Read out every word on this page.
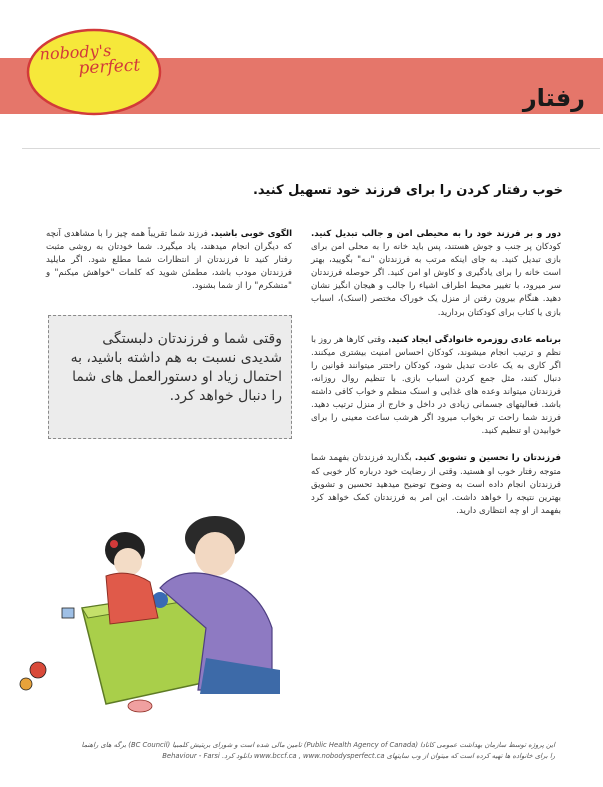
nobody's
perfect
رفتار
خوب رفتار کردن را برای فرزند خود تسهیل کنید.

دور و بر فرزند خود را به محیطی امن و جالب تبدیل کنید. کودکان پر جنب و جوش هستند، پس باید خانه را به محلی امن برای بازی تبدیل کنید. به جای اینکه مرتب به فرزندتان "نـه" بگویید، بهتر است خانه را برای یادگیری و کاوش او امن کنید. اگر حوصله فرزندتان سر میرود، با تغییر محیط اطراف اشیاء را جالب و هیجان انگیز نشان دهید. هنگام بیرون رفتن از منزل یک خوراک مختصر (اسنک)، اسباب بازی یا کتاب برای کودکتان بردارید.

برنامه عادی روزمره خانوادگی ایجاد کنید. وقتی کارها هر روز با نظم و ترتیب انجام میشوند، کودکان احساس امنیت بیشتری میکنند. اگر کاری به یک عادت تبدیل شود، کودکان راحتتر میتوانند قوانین را دنبال کنند، مثل جمع کردن اسباب بازی. با تنظیم روال روزانه، فرزندتان میتواند وعده های غذایی و اسنک منظم و خواب کافی داشته باشد. فعالیتهای جسمانی زیادی در داخل و خارج از منزل ترتیب دهید. فرزند شما راحت تر بخواب میرود اگر هرشب ساعت معینی را برای خوابیدن او تنظیم کنید.

فرزندتان را تحسین و تشویق کنید. بگذارید فرزندتان بفهمد شما متوجه رفتار خوب او هستید. وقتی از رضایت خود درباره کار خوبی که فرزندتان انجام داده است به وضوح توضیح میدهید تحسین و تشویق بهترین نتیجه را خواهد داشت. این امر به فرزندتان کمک خواهد کرد بفهمد از او چه انتظاری دارید.

الگوی خوبی باشید. فرزند شما تقریباً همه چیز را با مشاهدی آنچه که دیگران انجام میدهند، یاد میگیرد. شما خودتان به روشی مثبت رفتار کنید تا فرزندتان از انتظارات شما مطلع شود. اگر مایلید فرزندتان مودب باشد، مطمئن شوید که کلمات "خواهش میکنم" و "متشکرم" را از شما بشنود.

وقتی شما و فرزندتان دلبستگی شدیدی نسبت به هم داشته باشید، به احتمال زیاد او دستورالعمل های شما را دنبال خواهد کرد.
این پروژه توسط سازمان بهداشت عمومی کانادا (Public Health Agency of Canada) تامین مالی شده است و شورای بریتیش کلمبیا (BC Council) برگه های راهنما
را برای خانواده ها تهیه کرده است که میتوان از وب سایتهای www.bccf.ca , www.nobodysperfect.ca دانلود کرد. Behaviour - Farsi
